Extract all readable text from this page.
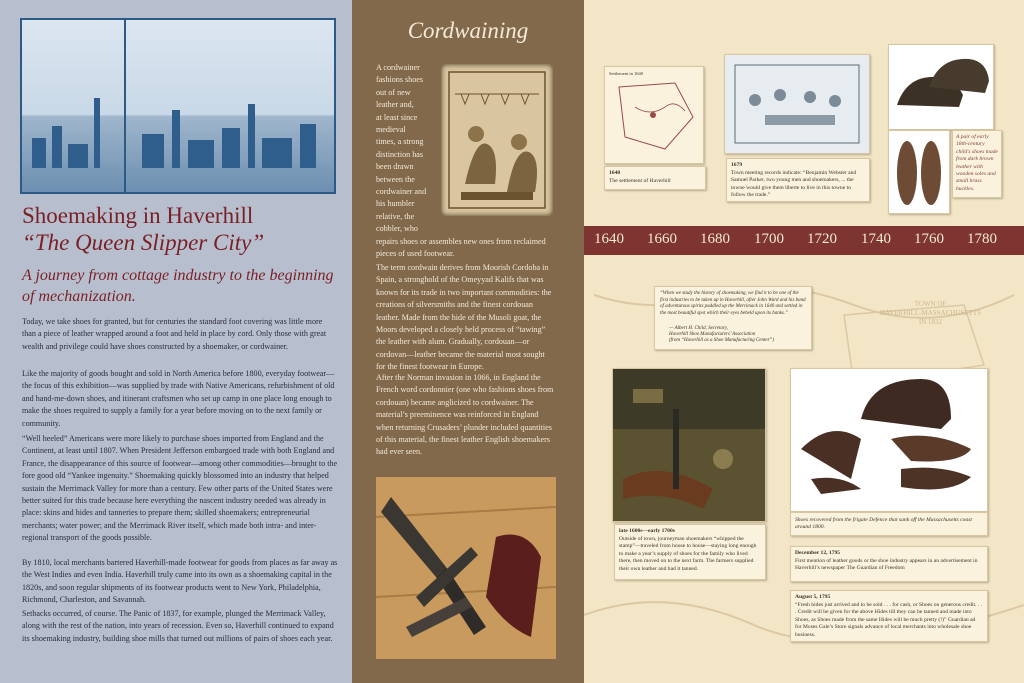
Shoemaking in Haverhill
“The Queen Slipper City”
A journey from cottage industry to the beginning of mechanization.
Today, we take shoes for granted, but for centuries the standard foot covering was little more than a piece of leather wrapped around a foot and held in place by cord. Only those with great wealth and privilege could have shoes constructed by a shoemaker, or cordwainer.
Like the majority of goods bought and sold in North America before 1800, everyday footwear—the focus of this exhibition—was supplied by trade with Native Americans, refurbishment of old and hand-me-down shoes, and itinerant craftsmen who set up camp in one place long enough to make the shoes required to supply a family for a year before moving on to the next family or community.
“Well heeled” Americans were more likely to purchase shoes imported from England and the Continent, at least until 1807. When President Jefferson embargoed trade with both England and France, the disappearance of this source of footwear—among other commodities—brought to the fore good old “Yankee ingenuity.” Shoemaking quickly blossomed into an industry that helped sustain the Merrimack Valley for more than a century. Few other parts of the United States were better suited for this trade because here everything the nascent industry needed was already in place: skins and hides and tanneries to prepare them; skilled shoemakers; entrepreneurial merchants; water power; and the Merrimack River itself, which made both intra- and inter-regional transport of the goods possible.
By 1810, local merchants bartered Haverhill-made footwear for goods from places as far away as the West Indies and even India. Haverhill truly came into its own as a shoemaking capital in the 1820s, and soon regular shipments of its footwear products went to New York, Philadelphia, Richmond, Charleston, and Savannah.
Setbacks occurred, of course. The Panic of 1837, for example, plunged the Merrimack Valley, along with the rest of the nation, into years of recession. Even so, Haverhill continued to expand its shoemaking industry, building shoe mills that turned out millions of pairs of shoes each year.
Cordwaining
A cordwainer
fashions shoes
out of new
leather and,
at least since
medieval
times, a strong
distinction has
been drawn
between the
cordwainer and
his humbler
relative, the
cobbler, who
repairs shoes or assembles new ones from reclaimed pieces of used footwear.
The term cordwain derives from Moorish Cordoba in Spain, a stronghold of the Omeyyad Kalifs that was known for its trade in two important commodities: the creations of silversmiths and the finest cordouan leather. Made from the hide of the Musoli goat, the Moors developed a closely held process of “tawing” the leather with alum. Gradually, cordouan—or cordovan—leather became the material most sought for the finest footwear in Europe.
After the Norman invasion in 1066, in England the French word cordonnier (one who fashions shoes from cordouan) became anglicized to cordwainer. The material’s preeminence was reinforced in England when returning Crusaders’ plunder included quantities of this material, the finest leather English shoemakers had ever seen.
Settlement in 1640
1640
The settlement of Haverhill
1679
Town meeting records indicate: “Benjamin Webster and Samuel Parker, two young men and shoemakers, ... the towne would give them liberte to live in this towne to follow the trade.”
A pair of early 18th-century child's shoes made from dark brown leather with wooden soles and small brass buckles.
1640 1660 1680 1700 1720 1740 1760 1780
“When we study the history of shoemaking, we find it to be one of the first industries to be taken up in Haverhill, after John Ward and his band of adventurous spirits paddled up the Merrimack in 1640 and settled in the most beautiful spot which their eyes beheld upon its banks.”
— Albert H. Child, Secretary,
Haverhill Shoe Manufacturers’ Association
(from “Haverhill as a Shoe Manufacturing Center”)
TOWN OF
HAVERHILL-MASSACHUSETTS
IN 1832
late 1600s—early 1700s
Outside of town, journeyman shoemakers “whipped the stamp”—traveled from house to house—staying long enough to make a year’s supply of shoes for the family who lived there, then moved on to the next farm. The farmers supplied their own leather and had it tanned.
Shoes recovered from the frigate Defence that sank off the Massachusetts coast around 1800.
December 12, 1795
First mention of leather goods or the shoe industry appears in an advertisement in Haverhill’s newspaper The Guardian of Freedom
August 5, 1795
“Fresh hides just arrived and to be sold . . . for cash, or Shoes on generous credit. . . . Credit will be given for the above Hides till they can be tanned and made into Shoes, as Shoes made from the same Hides will be much pretty (!)” Guardian ad for Moses Gale’s Store signals advance of local merchants into wholesale shoe business.
